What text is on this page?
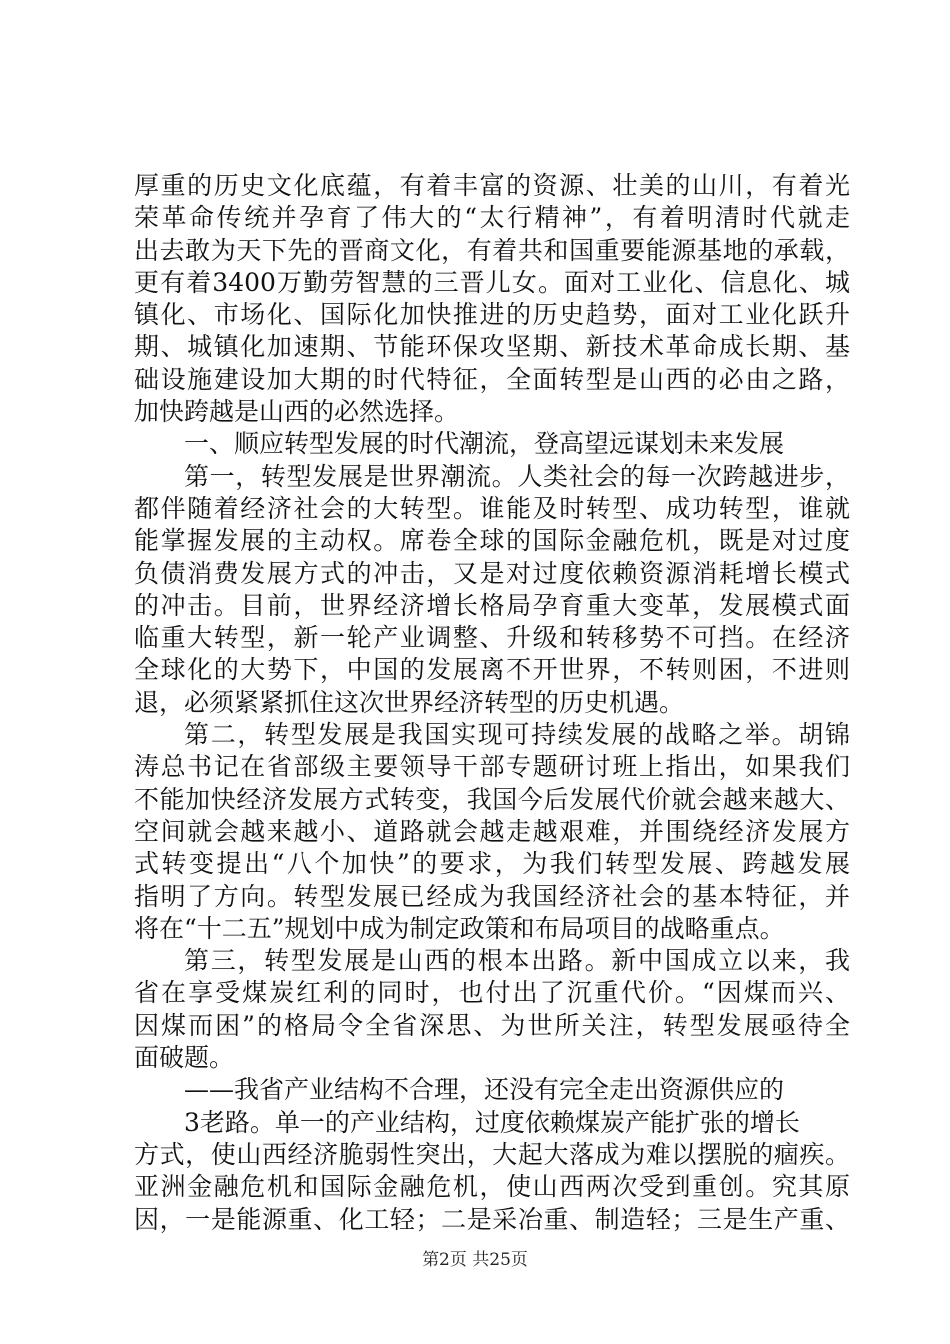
厚重的历史文化底蕴，有着丰富的资源、壮美的山川，有着光
荣革命传统并孕育了伟大的“太行精神”，有着明清时代就走
出去敢为天下先的晋商文化，有着共和国重要能源基地的承载，
更有着3400万勤劳智慧的三晋儿女。面对工业化、信息化、城
镇化、市场化、国际化加快推进的历史趋势，面对工业化跃升
期、城镇化加速期、节能环保攻坚期、新技术革命成长期、基
础设施建设加大期的时代特征，全面转型是山西的必由之路，
加快跨越是山西的必然选择。
一、顺应转型发展的时代潮流，登高望远谋划未来发展
第一，转型发展是世界潮流。人类社会的每一次跨越进步，
都伴随着经济社会的大转型。谁能及时转型、成功转型，谁就
能掌握发展的主动权。席卷全球的国际金融危机，既是对过度
负债消费发展方式的冲击，又是对过度依赖资源消耗增长模式
的冲击。目前，世界经济增长格局孕育重大变革，发展模式面
临重大转型，新一轮产业调整、升级和转移势不可挡。在经济
全球化的大势下，中国的发展离不开世界，不转则困，不进则
退，必须紧紧抓住这次世界经济转型的历史机遇。
第二，转型发展是我国实现可持续发展的战略之举。胡锦
涛总书记在省部级主要领导干部专题研讨班上指出，如果我们
不能加快经济发展方式转变，我国今后发展代价就会越来越大、
空间就会越来越小、道路就会越走越艰难，并围绕经济发展方
式转变提出“八个加快”的要求，为我们转型发展、跨越发展
指明了方向。转型发展已经成为我国经济社会的基本特征，并
将在“十二五”规划中成为制定政策和布局项目的战略重点。
第三，转型发展是山西的根本出路。新中国成立以来，我
省在享受煤炭红利的同时，也付出了沉重代价。“因煤而兴、
因煤而困”的格局令全省深思、为世所关注，转型发展亟待全
面破题。
——我省产业结构不合理，还没有完全走出资源供应的
3老路。单一的产业结构，过度依赖煤炭产能扩张的增长
方式，使山西经济脆弱性突出，大起大落成为难以摆脱的痼疾。
亚洲金融危机和国际金融危机，使山西两次受到重创。究其原
因，一是能源重、化工轻；二是采冶重、制造轻；三是生产重、
第2页 共25页
